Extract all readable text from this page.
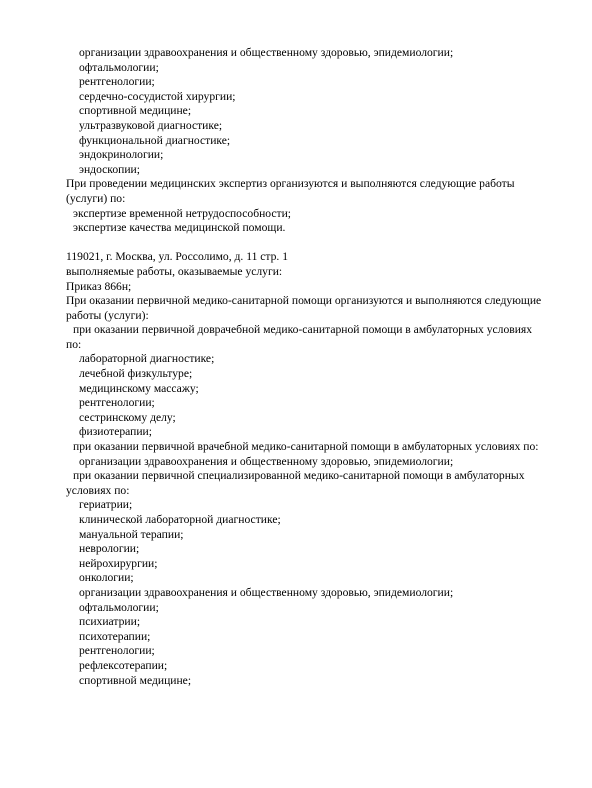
организации здравоохранения и общественному здоровью, эпидемиологии;
офтальмологии;
рентгенологии;
сердечно-сосудистой хирургии;
спортивной медицине;
ультразвуковой диагностике;
функциональной диагностике;
эндокринологии;
эндоскопии;
При проведении медицинских экспертиз организуются и выполняются следующие работы
(услуги) по:
экспертизе временной нетрудоспособности;
экспертизе качества медицинской помощи.
119021, г. Москва, ул. Россолимо, д. 11 стр. 1
выполняемые работы, оказываемые услуги:
Приказ 866н;
При оказании первичной медико-санитарной помощи организуются и выполняются следующие
работы (услуги):
при оказании первичной доврачебной медико-санитарной помощи в амбулаторных условиях
по:
лабораторной диагностике;
лечебной физкультуре;
медицинскому массажу;
рентгенологии;
сестринскому делу;
физиотерапии;
при оказании первичной врачебной медико-санитарной помощи в амбулаторных условиях по:
организации здравоохранения и общественному здоровью, эпидемиологии;
при оказании первичной специализированной медико-санитарной помощи в амбулаторных
условиях по:
гериатрии;
клинической лабораторной диагностике;
мануальной терапии;
неврологии;
нейрохирургии;
онкологии;
организации здравоохранения и общественному здоровью, эпидемиологии;
офтальмологии;
психиатрии;
психотерапии;
рентгенологии;
рефлексотерапии;
спортивной медицине;
